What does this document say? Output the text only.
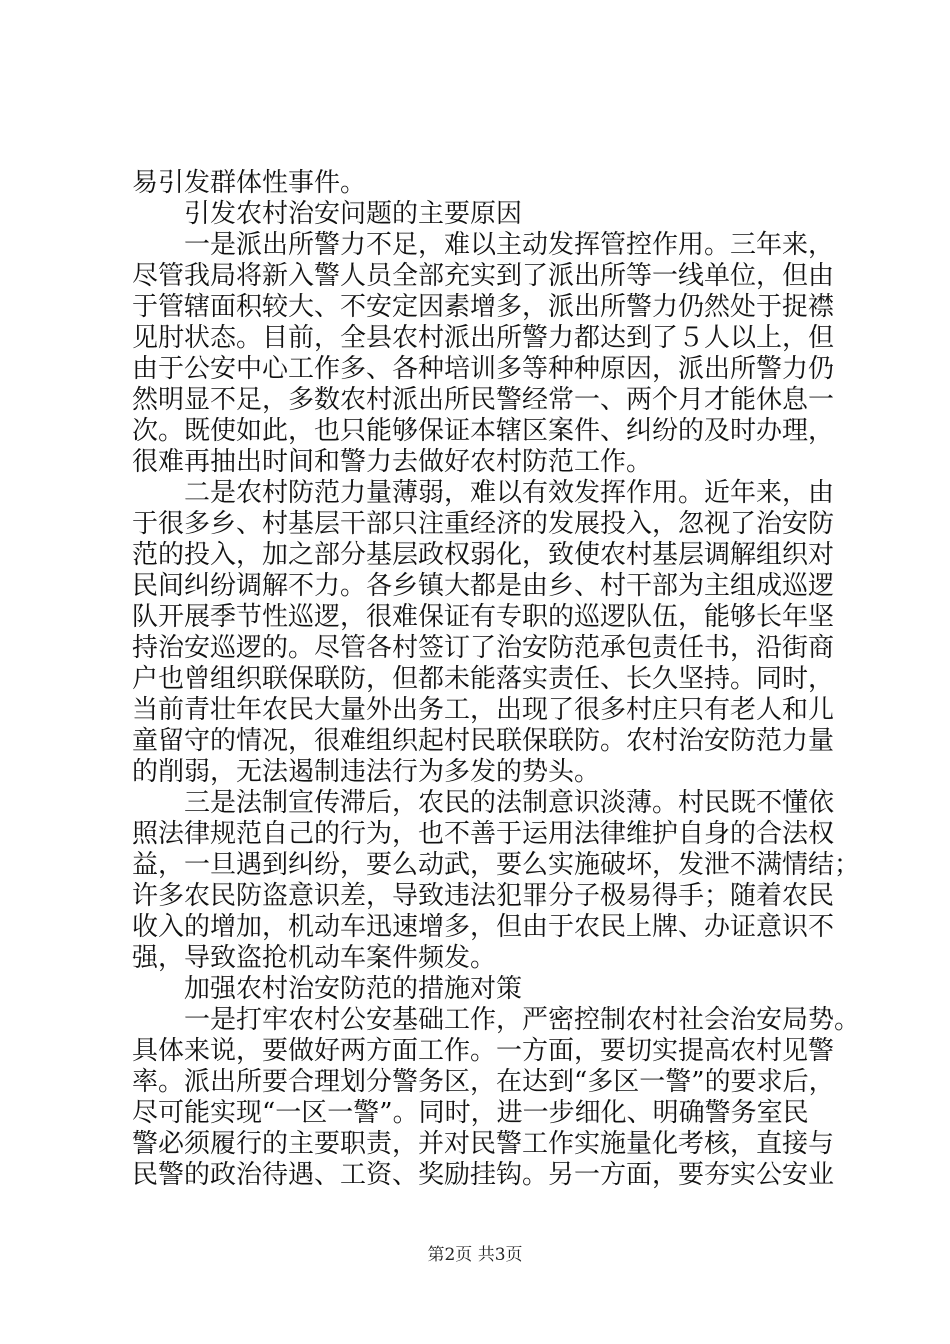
易引发群体性事件。
　　引发农村治安问题的主要原因
　　一是派出所警力不足，难以主动发挥管控作用。三年来，
尽管我局将新入警人员全部充实到了派出所等一线单位，但由
于管辖面积较大、不安定因素增多，派出所警力仍然处于捉襟
见肘状态。目前，全县农村派出所警力都达到了５人以上，但
由于公安中心工作多、各种培训多等种种原因，派出所警力仍
然明显不足，多数农村派出所民警经常一、两个月才能休息一
次。既使如此，也只能够保证本辖区案件、纠纷的及时办理，
很难再抽出时间和警力去做好农村防范工作。
　　二是农村防范力量薄弱，难以有效发挥作用。近年来，由
于很多乡、村基层干部只注重经济的发展投入，忽视了治安防
范的投入，加之部分基层政权弱化，致使农村基层调解组织对
民间纠纷调解不力。各乡镇大都是由乡、村干部为主组成巡逻
队开展季节性巡逻，很难保证有专职的巡逻队伍，能够长年坚
持治安巡逻的。尽管各村签订了治安防范承包责任书，沿街商
户也曾组织联保联防，但都未能落实责任、长久坚持。同时，
当前青壮年农民大量外出务工，出现了很多村庄只有老人和儿
童留守的情况，很难组织起村民联保联防。农村治安防范力量
的削弱，无法遏制违法行为多发的势头。
　　三是法制宣传滞后，农民的法制意识淡薄。村民既不懂依
照法律规范自己的行为，也不善于运用法律维护自身的合法权
益，一旦遇到纠纷，要么动武，要么实施破坏，发泄不满情结；
许多农民防盗意识差，导致违法犯罪分子极易得手；随着农民
收入的增加，机动车迅速增多，但由于农民上牌、办证意识不
强，导致盗抢机动车案件频发。
　　加强农村治安防范的措施对策
　　一是打牢农村公安基础工作，严密控制农村社会治安局势。
具体来说，要做好两方面工作。一方面，要切实提高农村见警
率。派出所要合理划分警务区，在达到“多区一警”的要求后，
尽可能实现“一区一警”。同时，进一步细化、明确警务室民
警必须履行的主要职责，并对民警工作实施量化考核，直接与
民警的政治待遇、工资、奖励挂钩。另一方面，要夯实公安业
第2页 共3页
